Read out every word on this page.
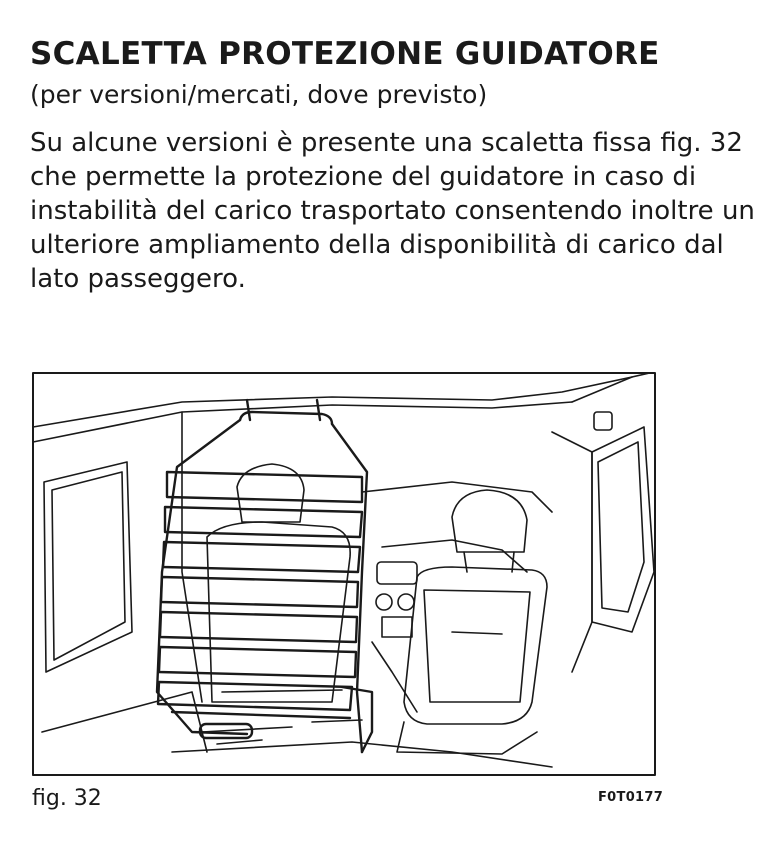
SCALETTA PROTEZIONE GUIDATORE

(per versioni/mercati, dove previsto)

Su alcune versioni è presente una scaletta fissa fig. 32 che permette la protezione del guidatore in caso di instabilità del carico trasportato consentendo inoltre un ulteriore ampliamento della disponibilità di carico dal lato passeggero.

fig. 32	F0T0177
